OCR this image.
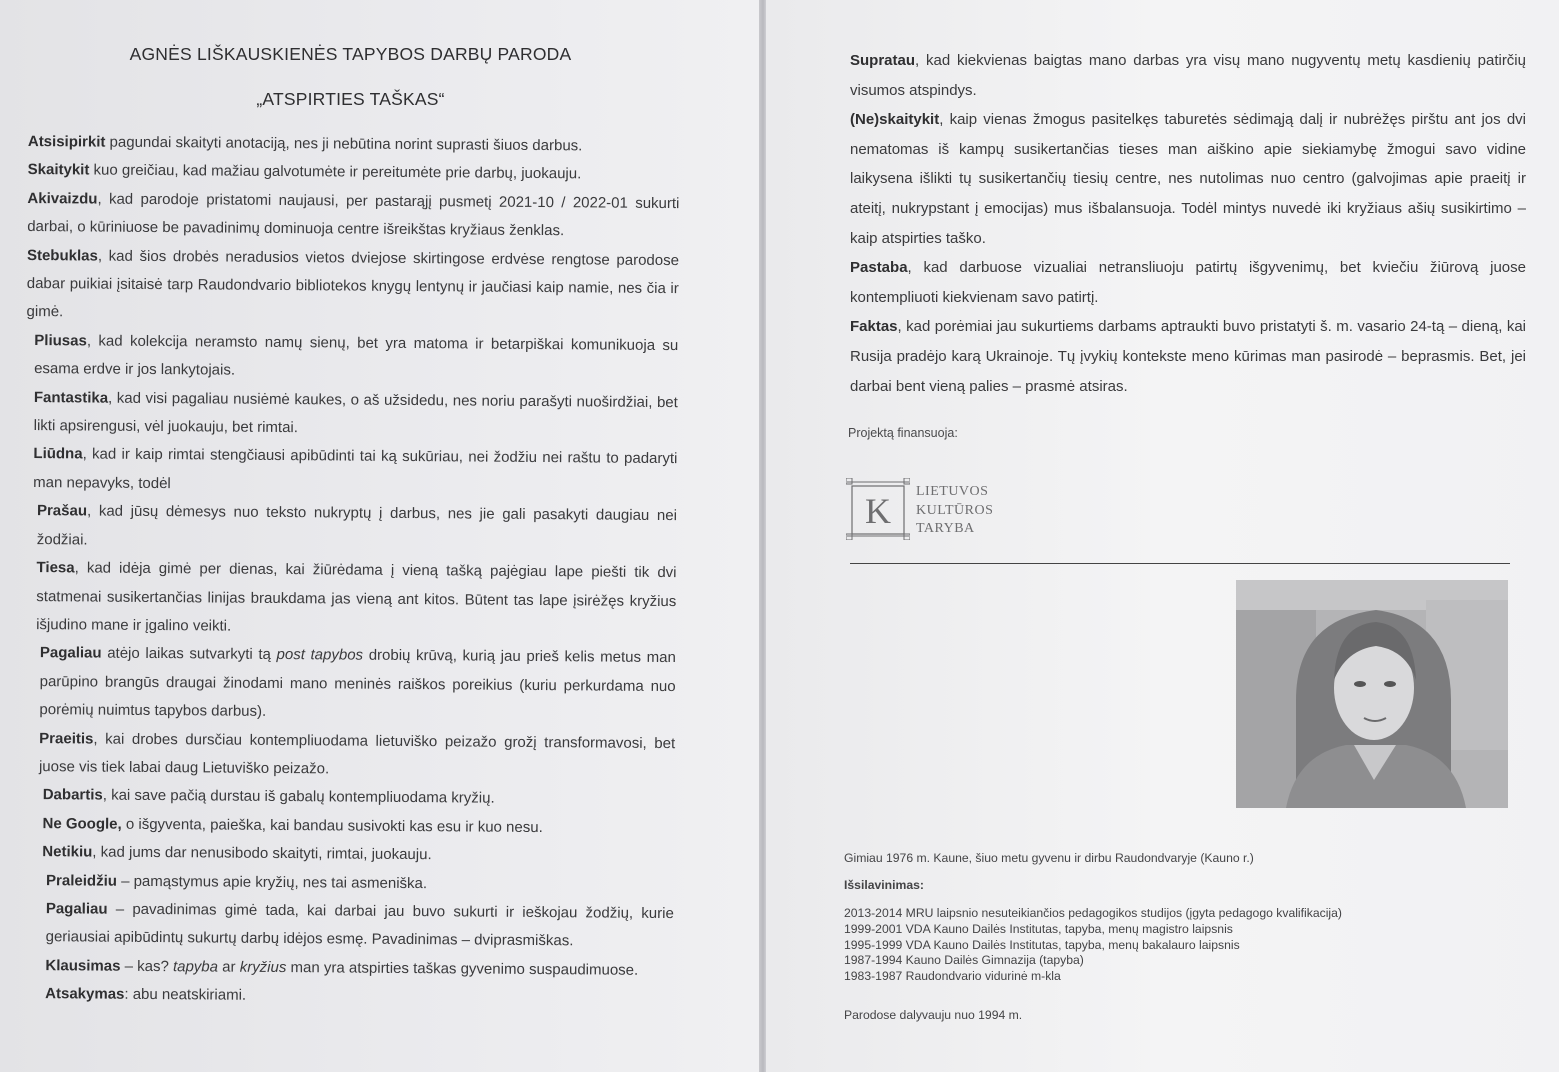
AGNĖS LIŠKAUSKIENĖS TAPYBOS DARBŲ PARODA
„ATSPIRTIES TAŠKAS“

Atsisipirkit pagundai skaityti anotaciją, nes ji nebūtina norint suprasti šiuos darbus.

Skaitykit kuo greičiau, kad mažiau galvotumėte ir pereitumėte prie darbų, juokauju.

Akivaizdu, kad parodoje pristatomi naujausi, per pastarąjį pusmetį 2021-10 / 2022-01 sukurti darbai, o kūriniuose be pavadinimų dominuoja centre išreikštas kryžiaus ženklas.

Stebuklas, kad šios drobės neradusios vietos dviejose skirtingose erdvėse rengtose parodose dabar puikiai įsitaisė tarp Raudondvario bibliotekos knygų lentynų ir jaučiasi kaip namie, nes čia ir gimė.

Pliusas, kad kolekcija neramsto namų sienų, bet yra matoma ir betarpiškai komunikuoja su esama erdve ir jos lankytojais.

Fantastika, kad visi pagaliau nusiėmė kaukes, o aš užsidedu, nes noriu parašyti nuoširdžiai, bet likti apsirengusi, vėl juokauju, bet rimtai.

Liūdna, kad ir kaip rimtai stengčiausi apibūdinti tai ką sukūriau, nei žodžiu nei raštu to padaryti man nepavyks, todėl

Prašau, kad jūsų dėmesys nuo teksto nukryptų į darbus, nes jie gali pasakyti daugiau nei žodžiai.

Tiesa, kad idėja gimė per dienas, kai žiūrėdama į vieną tašką pajėgiau lape piešti tik dvi statmenai susikertančias linijas braukdama jas vieną ant kitos. Būtent tas lape įsirėžęs kryžius išjudino mane ir įgalino veikti.

Pagaliau atėjo laikas sutvarkyti tą post tapybos drobių krūvą, kurią jau prieš kelis metus man parūpino brangūs draugai žinodami mano meninės raiškos poreikius (kuriu perkurdama nuo porėmių nuimtus tapybos darbus).

Praeitis, kai drobes dursčiau kontempliuodama lietuviško peizažo grožį transformavosi, bet juose vis tiek labai daug Lietuviško peizažo.

Dabartis, kai save pačią durstau iš gabalų kontempliuodama kryžių.

Ne Google, o išgyventa, paieška, kai bandau susivokti kas esu ir kuo nesu.

Netikiu, kad jums dar nenusibodo skaityti, rimtai, juokauju.

Praleidžiu – pamąstymus apie kryžių, nes tai asmeniška.

Pagaliau – pavadinimas gimė tada, kai darbai jau buvo sukurti ir ieškojau žodžių, kurie geriausiai apibūdintų sukurtų darbų idėjos esmę. Pavadinimas – dviprasmiškas.

Klausimas – kas? tapyba ar kryžius man yra atspirties taškas gyvenimo suspaudimuose.

Atsakymas: abu neatskiriami.

Supratau, kad kiekvienas baigtas mano darbas yra visų mano nugyventų metų kasdienių patirčių visumos atspindys.

(Ne)skaitykit, kaip vienas žmogus pasitelkęs taburetės sėdimąją dalį ir nubrėžęs pirštu ant jos dvi nematomas iš kampų susikertančias tieses man aiškino apie siekiamybę žmogui savo vidine laikysena išlikti tų susikertančių tiesių centre, nes nutolimas nuo centro (galvojimas apie praeitį ir ateitį, nukrypstant į emocijas) mus išbalansuoja. Todėl mintys nuvedė iki kryžiaus ašių susikirtimo – kaip atspirties taško.

Pastaba, kad darbuose vizualiai netransliuoju patirtų išgyvenimų, bet kviečiu žiūrovą juose kontempliuoti kiekvienam savo patirtį.

Faktas, kad porėmiai jau sukurtiems darbams aptraukti buvo pristatyti š. m. vasario 24-tą – dieną, kai Rusija pradėjo karą Ukrainoje. Tų įvykių kontekste meno kūrimas man pasirodė – beprasmis. Bet, jei darbai bent vieną palies – prasmė atsiras.

Projektą finansuoja:
K LIETUVOS
KULTŪROS
TARYBA
Gimiau 1976 m. Kaune, šiuo metu gyvenu ir dirbu Raudondvaryje (Kauno r.)
Išsilavinimas:
2013-2014 MRU laipsnio nesuteikiančios pedagogikos studijos (įgyta pedagogo kvalifikacija)
1999-2001 VDA Kauno Dailės Institutas, tapyba, menų magistro laipsnis
1995-1999 VDA Kauno Dailės Institutas, tapyba, menų bakalauro laipsnis
1987-1994 Kauno Dailės Gimnazija (tapyba)
1983-1987 Raudondvario vidurinė m-kla
Parodose dalyvauju nuo 1994 m.
